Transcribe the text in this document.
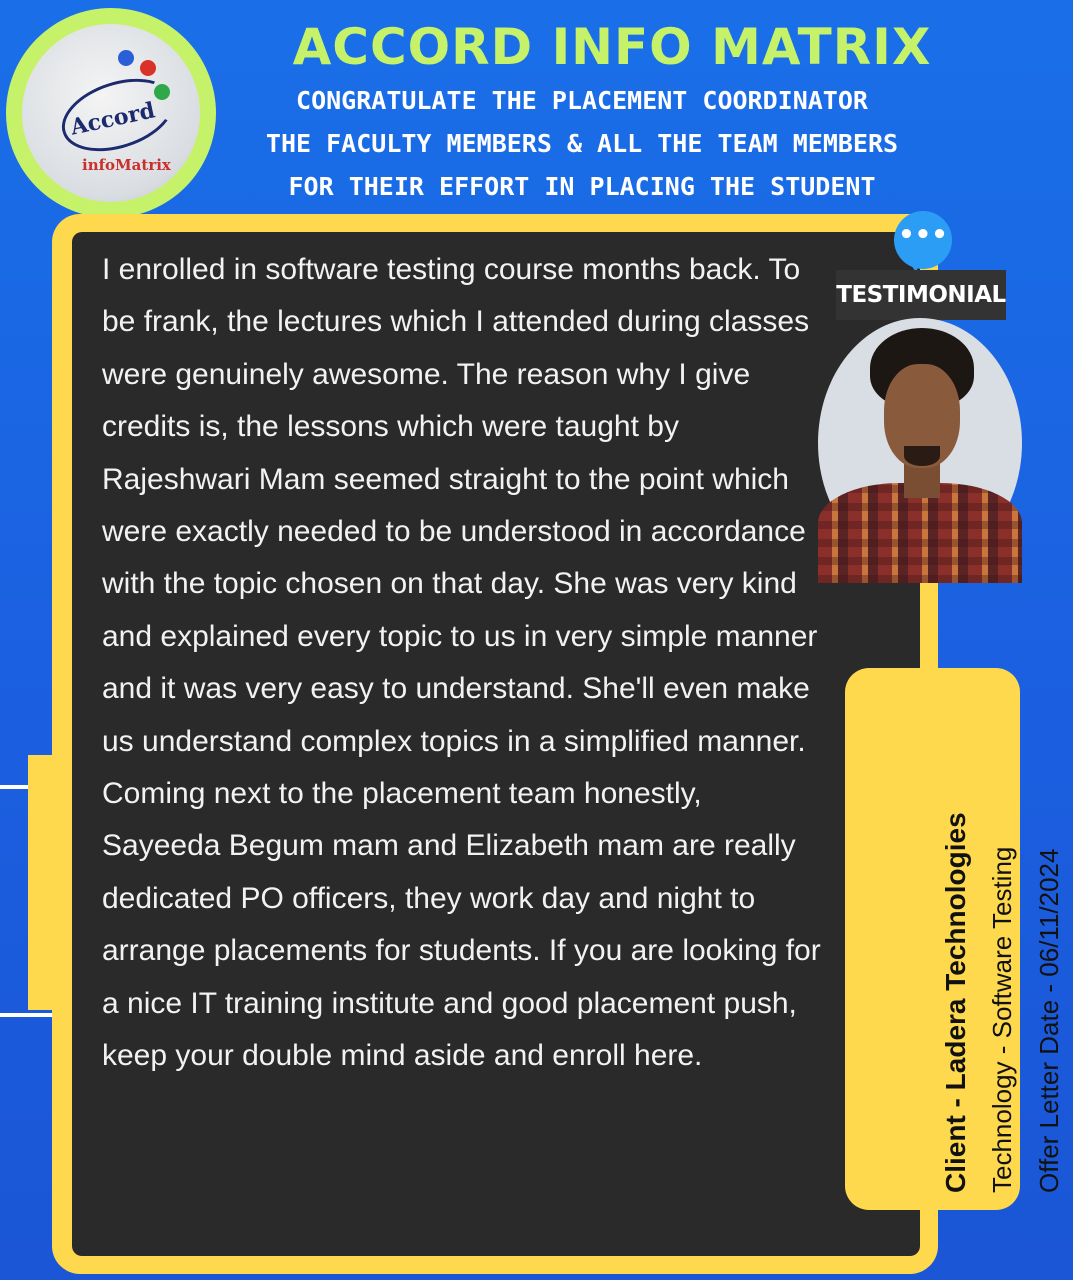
Accord
infoMatrix
ACCORD INFO MATRIX

CONGRATULATE THE PLACEMENT COORDINATOR

THE FACULTY MEMBERS & ALL THE TEAM MEMBERS

FOR THEIR EFFORT IN PLACING THE STUDENT

I enrolled in software testing course months back. To be frank, the lectures which I attended during classes were genuinely awesome. The reason why I give credits is, the lessons which were taught by Rajeshwari Mam seemed straight to the point which were exactly needed to be understood in accordance with the topic chosen on that day. She was very kind and explained every topic to us in very simple manner and it was very easy to understand. She'll even make us understand complex topics in a simplified manner. Coming next to the placement team honestly, Sayeeda Begum mam and Elizabeth mam are really dedicated PO officers, they work day and night to arrange placements for students. If you are looking for a nice IT training institute and good placement push, keep your double mind aside and enroll here.

•••
TESTIMONIAL
Client - Ladera Technologies Technology - Software Testing Offer Letter Date - 06/11/2024
